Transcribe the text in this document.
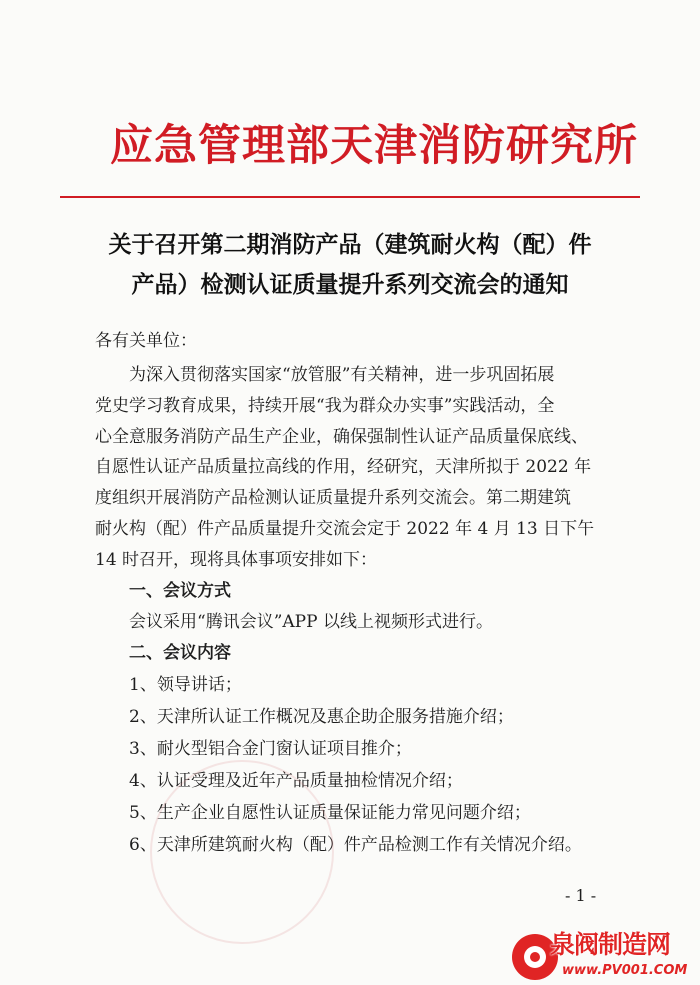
应急管理部天津消防研究所
关于召开第二期消防产品（建筑耐火构（配）件
产品）检测认证质量提升系列交流会的通知
各有关单位：
为深入贯彻落实国家“放管服”有关精神，进一步巩固拓展
党史学习教育成果，持续开展“我为群众办实事”实践活动，全
心全意服务消防产品生产企业，确保强制性认证产品质量保底线、
自愿性认证产品质量拉高线的作用，经研究，天津所拟于 2022 年
度组织开展消防产品检测认证质量提升系列交流会。第二期建筑
耐火构（配）件产品质量提升交流会定于 2022 年 4 月 13 日下午
14 时召开，现将具体事项安排如下：
一、会议方式
会议采用“腾讯会议”APP 以线上视频形式进行。
二、会议内容
1、领导讲话；
2、天津所认证工作概况及惠企助企服务措施介绍；
3、耐火型铝合金门窗认证项目推介；
4、认证受理及近年产品质量抽检情况介绍；
5、生产企业自愿性认证质量保证能力常见问题介绍；
6、天津所建筑耐火构（配）件产品检测工作有关情况介绍。
- 1 -
泉阀制造网
www.PV001.COM
